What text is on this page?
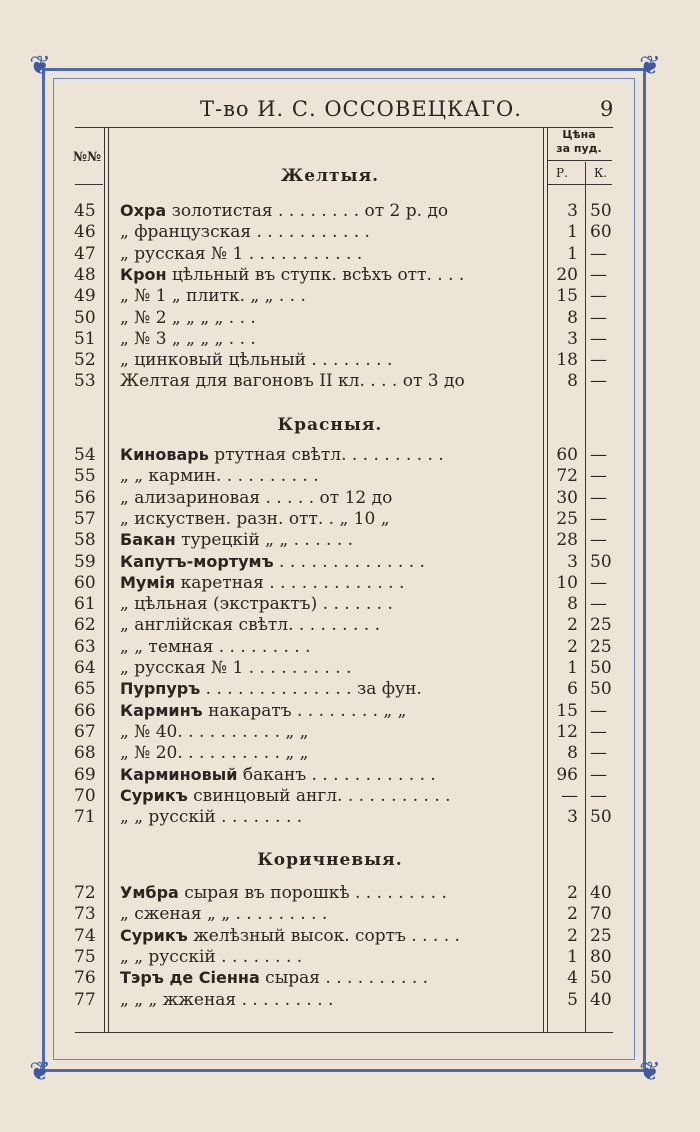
❦	❦
❦	❦
Т-во И. С. ОССОВЕЦКАГО.	9
№№
Цѣна
за пуд.
Р. К.
Желтыя.
45	Охра золотистая . . . . . . . . от 2 р. до	3 50
46	„ французская . . . . . . . . . . .	1 60
47	„ русская № 1 . . . . . . . . . . .	1 —
48	Крон цѣльный въ ступк. всѣхъ отт. . . .	20 —
49	„ № 1 „ плитк. „ „ . . .	15 —
50	„ № 2 „ „ „ „ . . .	8 —
51	„ № 3 „ „ „ „ . . .	3 —
52	„ цинковый цѣльный . . . . . . . .	18 —
53	Желтая для вагоновъ II кл. . . . от 3 до	8 —
Красныя.
54	Киноварь ртутная свѣтл. . . . . . . . . .	60 —
55	„ „ кармин. . . . . . . . . .	72 —
56	„ ализариновая . . . . . от 12 до	30 —
57	„ искуствен. разн. отт. . „ 10 „	25 —
58	Бакан турецкій „ „ . . . . . .	28 —
59	Капутъ-мортумъ . . . . . . . . . . . . . .	3 50
60	Мумія каретная . . . . . . . . . . . . .	10 —
61	„ цѣльная (экстрактъ) . . . . . . .	8 —
62	„ англійская свѣтл. . . . . . . . .	2 25
63	„ „ темная . . . . . . . . .	2 25
64	„ русская № 1 . . . . . . . . . .	1 50
65	Пурпуръ . . . . . . . . . . . . . . за фун.	6 50
66	Карминъ накаратъ . . . . . . . . „ „	15 —
67	„ № 40. . . . . . . . . . „ „	12 —
68	„ № 20. . . . . . . . . . „ „	8 —
69	Карминовый баканъ . . . . . . . . . . . .	96 —
70	Сурикъ свинцовый англ. . . . . . . . . . .	— —
71	„ „ русскій . . . . . . . .	3 50
Коричневыя.
72	Умбра сырая въ порошкѣ . . . . . . . . .	2 40
73	„ сженая „ „ . . . . . . . . .	2 70
74	Сурикъ желѣзный высок. сортъ . . . . .	2 25
75	„ „ русскій . . . . . . . .	1 80
76	Тэръ де Сіенна сырая . . . . . . . . . .	4 50
77	„ „ „ жженая . . . . . . . . .	5 40
